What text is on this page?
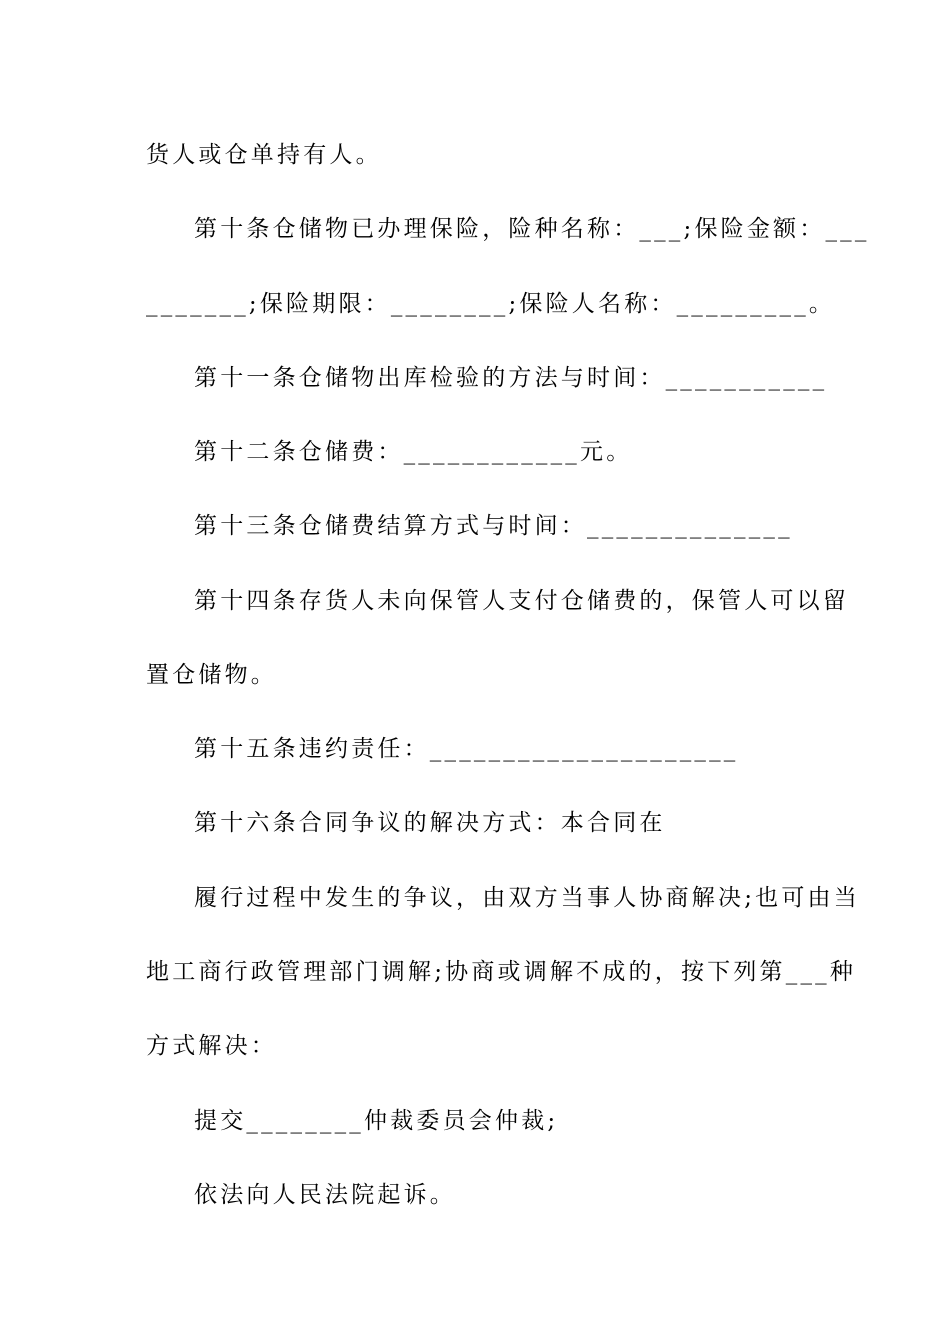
货人或仓单持有人。
第十条仓储物已办理保险，险种名称：___;保险金额：___
_______;保险期限：________;保险人名称：_________。
第十一条仓储物出库检验的方法与时间：___________
第十二条仓储费：____________元。
第十三条仓储费结算方式与时间：______________
第十四条存货人未向保管人支付仓储费的，保管人可以留
置仓储物。
第十五条违约责任：_____________________
第十六条合同争议的解决方式：本合同在
履行过程中发生的争议，由双方当事人协商解决;也可由当
地工商行政管理部门调解;协商或调解不成的，按下列第___种
方式解决：
提交________仲裁委员会仲裁;
依法向人民法院起诉。
